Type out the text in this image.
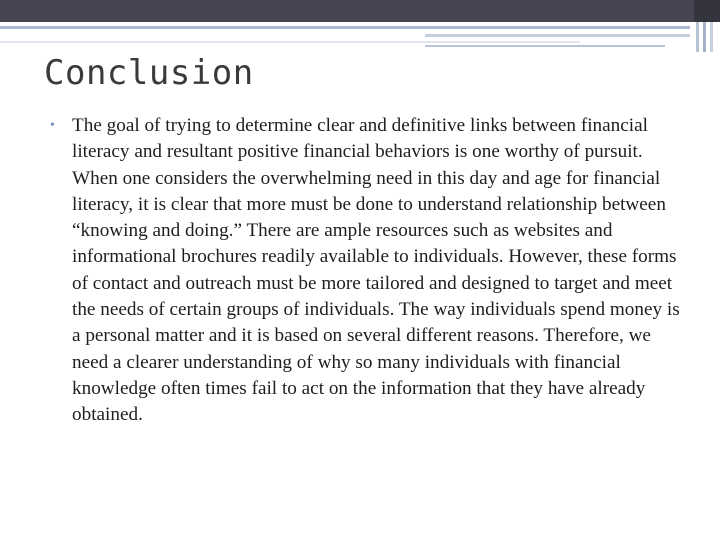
Conclusion
• The goal of trying to determine clear and definitive links between financial literacy and resultant positive financial behaviors is one worthy of pursuit. When one considers the overwhelming need in this day and age for financial literacy, it is clear that more must be done to understand relationship between “knowing and doing.” There are ample resources such as websites and informational brochures readily available to individuals. However, these forms of contact and outreach must be more tailored and designed to target and meet the needs of certain groups of individuals. The way individuals spend money is a personal matter and it is based on several different reasons. Therefore, we need a clearer understanding of why so many individuals with financial knowledge often times fail to act on the information that they have already obtained.
